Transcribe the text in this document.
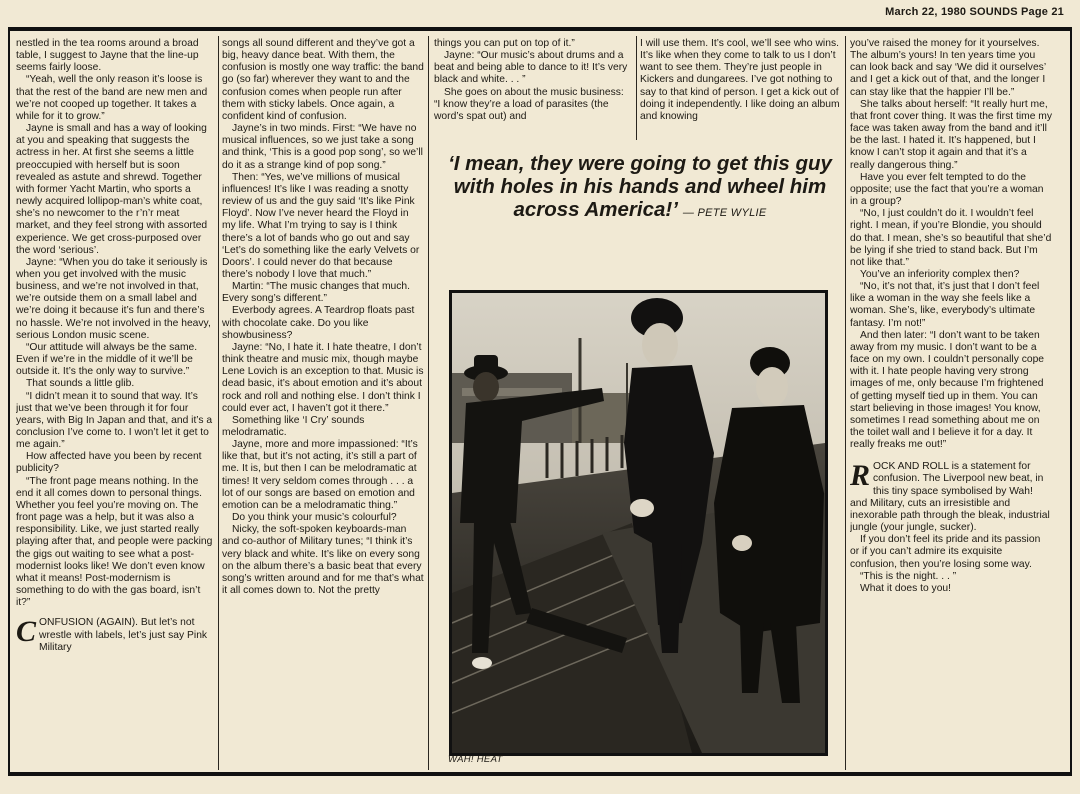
March 22, 1980 SOUNDS Page 21

nestled in the tea rooms around a broad table, I suggest to Jayne that the line-up seems fairly loose.

“Yeah, well the only reason it’s loose is that the rest of the band are new men and we’re not cooped up together. It takes a while for it to grow.”

Jayne is small and has a way of looking at you and speaking that suggests the actress in her. At first she seems a little preoccupied with herself but is soon revealed as astute and shrewd. Together with former Yacht Martin, who sports a newly acquired lollipop-man’s white coat, she’s no newcomer to the r’n’r meat market, and they feel strong with assorted experience. We get cross-purposed over the word ‘serious’.

Jayne: “When you do take it seriously is when you get involved with the music business, and we’re not involved in that, we’re outside them on a small label and we’re doing it because it’s fun and there’s no hassle. We’re not involved in the heavy, serious London music scene.

“Our attitude will always be the same. Even if we’re in the middle of it we’ll be outside it. It’s the only way to survive.”

That sounds a little glib.

“I didn’t mean it to sound that way. It’s just that we’ve been through it for four years, with Big In Japan and that, and it’s a conclusion I’ve come to. I won’t let it get to me again.”

How affected have you been by recent publicity?

“The front page means nothing. In the end it all comes down to personal things. Whether you feel you’re moving on. The front page was a help, but it was also a responsibility. Like, we just started really playing after that, and people were packing the gigs out waiting to see what a post-modernist looks like! We don’t even know what it means! Post-modernism is something to do with the gas board, isn’t it?”

CONFUSION (AGAIN). But let’s not wrestle with labels, let’s just say Pink Military

songs all sound different and they’ve got a big, heavy dance beat. With them, the confusion is mostly one way traffic: the band go (so far) wherever they want to and the confusion comes when people run after them with sticky labels. Once again, a confident kind of confusion.

Jayne’s in two minds. First: “We have no musical influences, so we just take a song and think, ‘This is a good pop song’, so we’ll do it as a strange kind of pop song.”

Then: “Yes, we’ve millions of musical influences! It’s like I was reading a snotty review of us and the guy said ‘It’s like Pink Floyd’. Now I’ve never heard the Floyd in my life. What I’m trying to say is I think there’s a lot of bands who go out and say ‘Let’s do something like the early Velvets or Doors’. I could never do that because there’s nobody I love that much.”

Martin: “The music changes that much. Every song’s different.”

Everbody agrees. A Teardrop floats past with chocolate cake. Do you like showbusiness?

Jayne: “No, I hate it. I hate theatre, I don’t think theatre and music mix, though maybe Lene Lovich is an exception to that. Music is dead basic, it’s about emotion and it’s about rock and roll and nothing else. I don’t think I could ever act, I haven’t got it there.”

Something like ‘I Cry’ sounds melodramatic.

Jayne, more and more impassioned: “It’s like that, but it’s not acting, it’s still a part of me. It is, but then I can be melodramatic at times! It very seldom comes through . . . a lot of our songs are based on emotion and emotion can be a melodramatic thing.”

Do you think your music’s colourful?

Nicky, the soft-spoken keyboards-man and co-author of Military tunes; “I think it’s very black and white. It’s like on every song on the album there’s a basic beat that every song’s written around and for me that’s what it all comes down to. Not the pretty

things you can put on top of it.”

Jayne: “Our music’s about drums and a beat and being able to dance to it! It’s very black and white. . . ”

She goes on about the music business: “I know they’re a load of parasites (the word’s spat out) and

I will use them. It’s cool, we’ll see who wins. It’s like when they come to talk to us I don’t want to see them. They’re just people in Kickers and dungarees. I’ve got nothing to say to that kind of person. I get a kick out of doing it independently. I like doing an album and knowing

‘I mean, they were going to get this guy with holes in his hands and wheel him across America!’ — PETE WYLIE
WAH! HEAT

you’ve raised the money for it yourselves. The album’s yours! In ten years time you can look back and say ‘We did it ourselves’ and I get a kick out of that, and the longer I can stay like that the happier I’ll be.”

She talks about herself: “It really hurt me, that front cover thing. It was the first time my face was taken away from the band and it’ll be the last. I hated it. It’s happened, but I know I can’t stop it again and that it’s a really dangerous thing.”

Have you ever felt tempted to do the opposite; use the fact that you’re a woman in a group?

“No, I just couldn’t do it. I wouldn’t feel right. I mean, if you’re Blondie, you should do that. I mean, she’s so beautiful that she’d be lying if she tried to stand back. But I’m not like that.”

You’ve an inferiority complex then?

“No, it’s not that, it’s just that I don’t feel like a woman in the way she feels like a woman. She’s, like, everybody’s ultimate fantasy. I’m not!”

And then later: “I don’t want to be taken away from my music. I don’t want to be a face on my own. I couldn’t personally cope with it. I hate people having very strong images of me, only because I’m frightened of getting myself tied up in them. You can start believing in those images! You know, sometimes I read something about me on the toilet wall and I believe it for a day. It really freaks me out!”

ROCK AND ROLL is a statement for confusion. The Liverpool new beat, in this tiny space symbolised by Wah! and Military, cuts an irresistible and inexorable path through the bleak, industrial jungle (your jungle, sucker).

If you don’t feel its pride and its passion or if you can’t admire its exquisite confusion, then you’re losing some way.

“This is the night. . . ”

What it does to you!
